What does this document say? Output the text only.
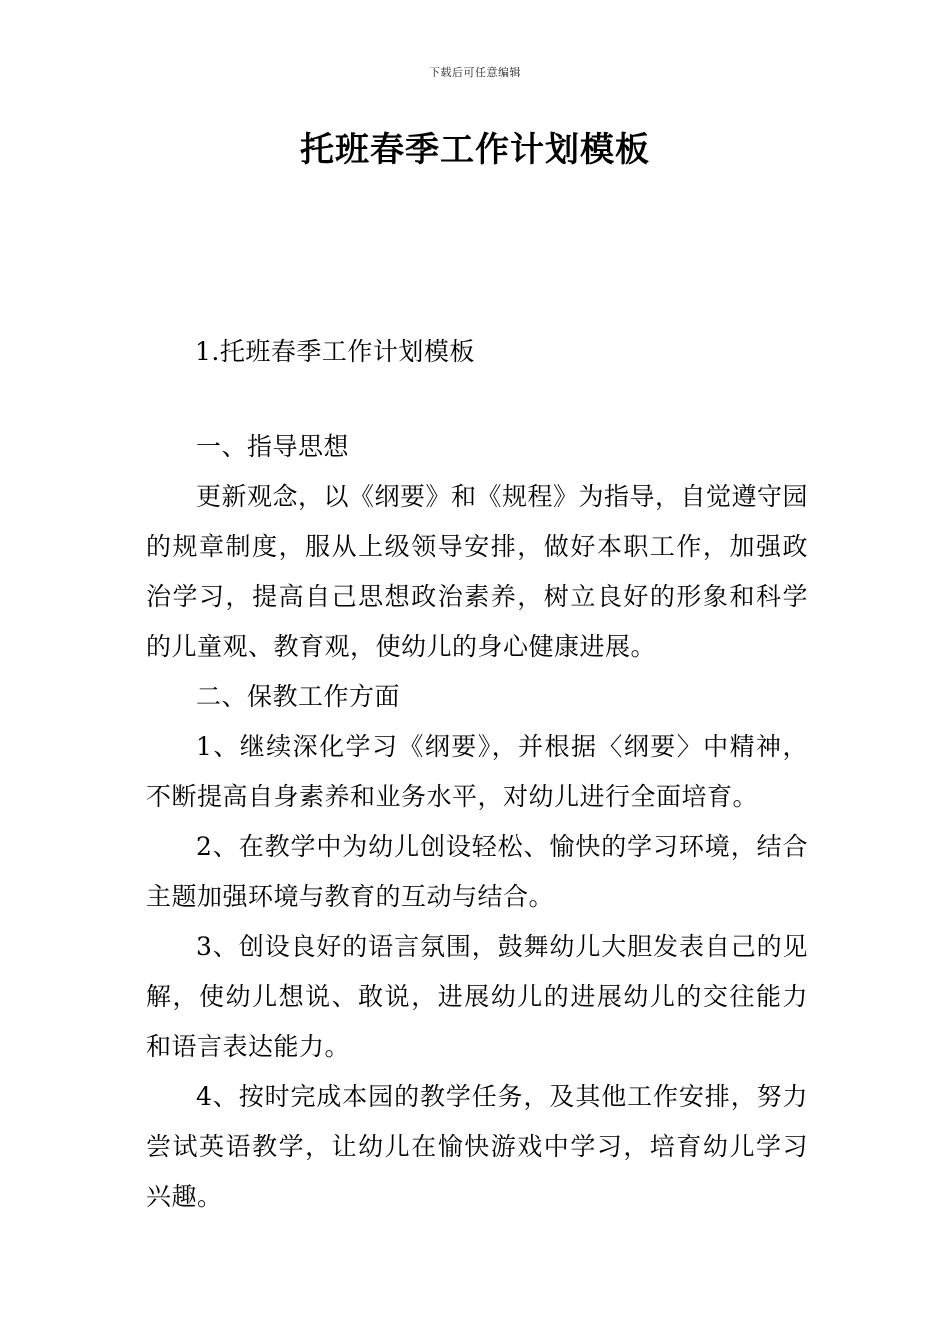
下载后可任意编辑
托班春季工作计划模板
1.托班春季工作计划模板

一、指导思想

更新观念，以《纲要》和《规程》为指导，自觉遵守园的规章制度，服从上级领导安排，做好本职工作，加强政治学习，提高自己思想政治素养，树立良好的形象和科学的儿童观、教育观，使幼儿的身心健康进展。

二、保教工作方面

1、继续深化学习《纲要》，并根据〈纲要〉中精神，不断提高自身素养和业务水平，对幼儿进行全面培育。

2、在教学中为幼儿创设轻松、愉快的学习环境，结合主题加强环境与教育的互动与结合。

3、创设良好的语言氛围，鼓舞幼儿大胆发表自己的见解，使幼儿想说、敢说，进展幼儿的进展幼儿的交往能力和语言表达能力。

4、按时完成本园的教学任务，及其他工作安排，努力尝试英语教学，让幼儿在愉快游戏中学习，培育幼儿学习兴趣。
